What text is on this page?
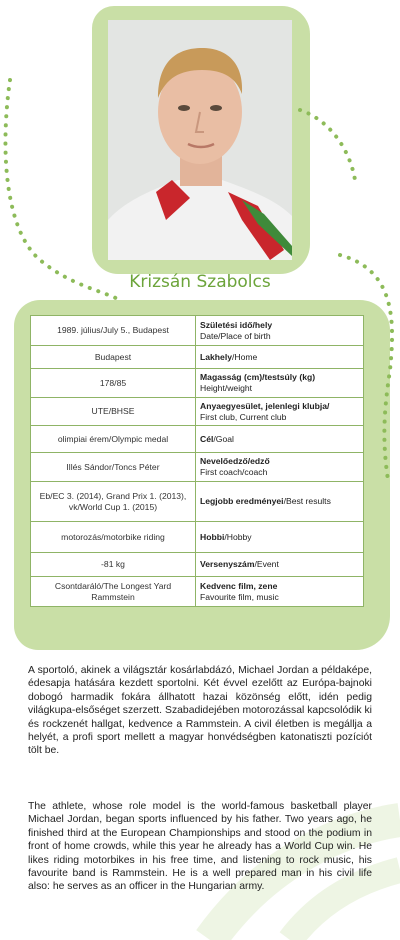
Krizsán Szabolcs
1989. július/July 5., Budapest	Születési idő/hely
Date/Place of birth
Budapest	Lakhely/Home
178/85	Magasság (cm)/testsúly (kg)
Height/weight
UTE/BHSE	Anyaegyesület, jelenlegi klubja/
First club, Current club
olimpiai érem/Olympic medal	Cél/Goal
Illés Sándor/Toncs Péter	Nevelőedző/edző
First coach/coach
Eb/EC 3. (2014), Grand Prix 1. (2013), vk/World Cup 1. (2015)	Legjobb eredményei/Best results
motorozás/motorbike riding	Hobbi/Hobby
-81 kg	Versenyszám/Event
Csontdaráló/The Longest Yard Rammstein	Kedvenc film, zene
Favourite film, music

A sportoló, akinek a világsztár kosárlabdázó, Michael Jordan a példaképe, édesapja hatására kezdett sportolni. Két évvel ezelőtt az Európa-bajnoki dobogó harmadik fokára állhatott hazai közönség előtt, idén pedig világkupa-elsőséget szerzett. Szabadidejében motorozással kapcsolódik ki és rockzenét hallgat, kedvence a Rammstein. A civil életben is megállja a helyét, a profi sport mellett a magyar honvédségben katonatiszti pozíciót tölt be.

The athlete, whose role model is the world-famous basketball player Michael Jordan, began sports influenced by his father. Two years ago, he finished third at the European Championships and stood on the podium in front of home crowds, while this year he already has a World Cup win. He likes riding motorbikes in his free time, and listening to rock music, his favourite band is Rammstein. He is a well prepared man in his civil life also: he serves as an officer in the Hungarian army.
